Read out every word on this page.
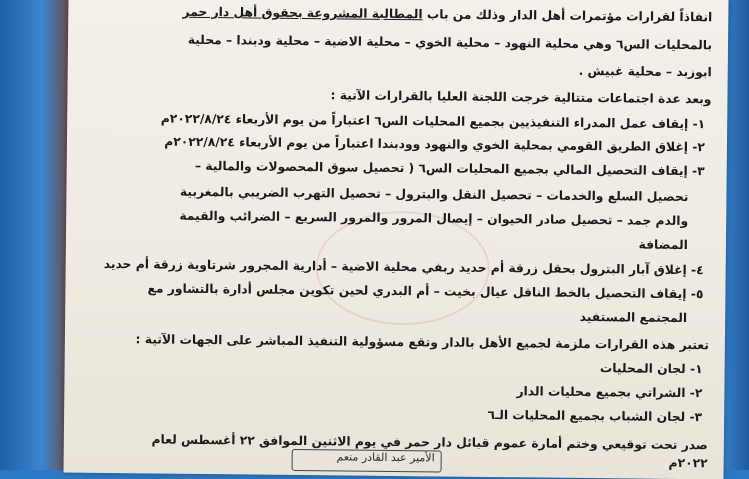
انفاذاً لقرارات مؤتمرات أهل الدار وذلك من باب المطالبة المشروعة بحقوق أهل دار حمر
بالمحليات الس٦ وهي محلية النهود – محلية الخوي – محلية الاضية – محلية ودبندا – محلية
ابوزبد – محلية غبيش .
وبعد عدة اجتماعات متتالية خرجت اللجنة العليا بالقرارات الآتية :
١- إيقاف عمل المدراء التنفيذيين بجميع المحليات الس٦ اعتباراً من يوم الأربعاء ٢٠٢٢/٨/٢٤م
٢- إغلاق الطريق القومي بمحلية الخوي والنهود وودبندا اعتباراً من يوم الأربعاء ٢٠٢٢/٨/٢٤م
٣- إيقاف التحصيل المالي بجميع المحليات الس٦ ( تحصيل سوق المحصولات والمالية –
تحصيل السلع والخدمات – تحصيل النقل والبترول – تحصيل التهرب الضريبي بالمغربية
والدم جمد – تحصيل صادر الحيوان – إيصال المرور والمرور السريع – الضرائب والقيمة
المضافة
٤- إغلاق آبار البترول بحقل زرقة أم حديد ربفي محلية الاضية – أدارية المجرور شرتاوية زرقة أم حديد
٥- إيقاف التحصيل بالخط الناقل عيال بخيت – أم البدري لحين تكوين مجلس أدارة بالتشاور مع
المجتمع المستفيد
تعتبر هذه القرارات ملزمة لجميع الأهل بالدار وتقع مسؤولية التنفيذ المباشر على الجهات الآتية :
١- لجان المحليات
٢- الشراتي بجميع محليات الدار
٣- لجان الشباب بجميع المحليات الـ٦
صدر تحت توقيعي وختم أمارة عموم قبائل دار حمر في يوم الاثنين الموافق ٢٢ أغسطس لعام
٢٠٢٢م
الأمير عبد القادر منعم
